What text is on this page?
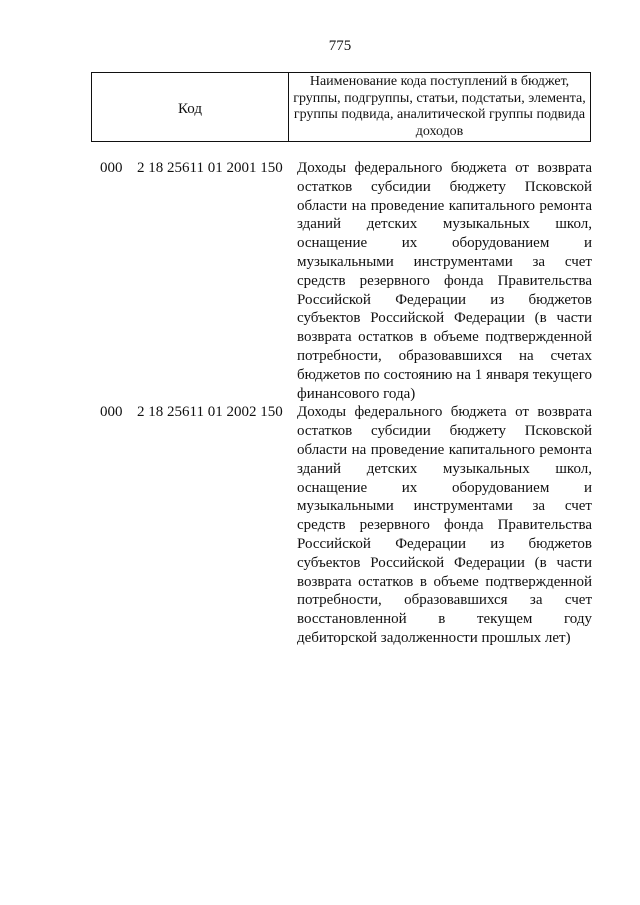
775
Код
Наименование кода поступлений в бюджет, группы, подгруппы, статьи, подстатьи, элемента, группы подвида, аналитической группы подвида доходов
000 2 18 25611 01 2001 150 Доходы федерального бюджета от возврата остатков субсидии бюджету Псковской области на проведение капитального ремонта зданий детских музыкальных школ, оснащение их оборудованием и музыкальными инструментами за счет средств резервного фонда Правительства Российской Федерации из бюджетов субъектов Российской Федерации (в части возврата остатков в объеме подтвержденной потребности, образовавшихся на счетах бюджетов по состоянию на 1 января текущего финансового года)
000 2 18 25611 01 2002 150 Доходы федерального бюджета от возврата остатков субсидии бюджету Псковской области на проведение капитального ремонта зданий детских музыкальных школ, оснащение их оборудованием и музыкальными инструментами за счет средств резервного фонда Правительства Российской Федерации из бюджетов субъектов Российской Федерации (в части возврата остатков в объеме подтвержденной потребности, образовавшихся за счет восстановленной в текущем году дебиторской задолженности прошлых лет)
